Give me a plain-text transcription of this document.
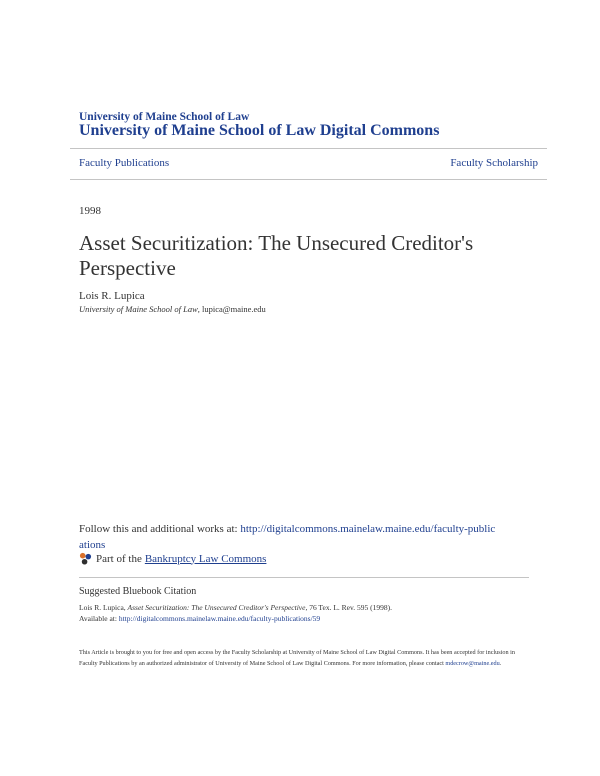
University of Maine School of Law
University of Maine School of Law Digital Commons
Faculty Publications	Faculty Scholarship
1998
Asset Securitization: The Unsecured Creditor's Perspective
Lois R. Lupica
University of Maine School of Law, lupica@maine.edu
Follow this and additional works at: http://digitalcommons.mainelaw.maine.edu/faculty-publications
Part of the Bankruptcy Law Commons
Suggested Bluebook Citation
Lois R. Lupica, Asset Securitization: The Unsecured Creditor's Perspective, 76 Tex. L. Rev. 595 (1998).
Available at: http://digitalcommons.mainelaw.maine.edu/faculty-publications/59
This Article is brought to you for free and open access by the Faculty Scholarship at University of Maine School of Law Digital Commons. It has been accepted for inclusion in Faculty Publications by an authorized administrator of University of Maine School of Law Digital Commons. For more information, please contact mdecrow@maine.edu.
